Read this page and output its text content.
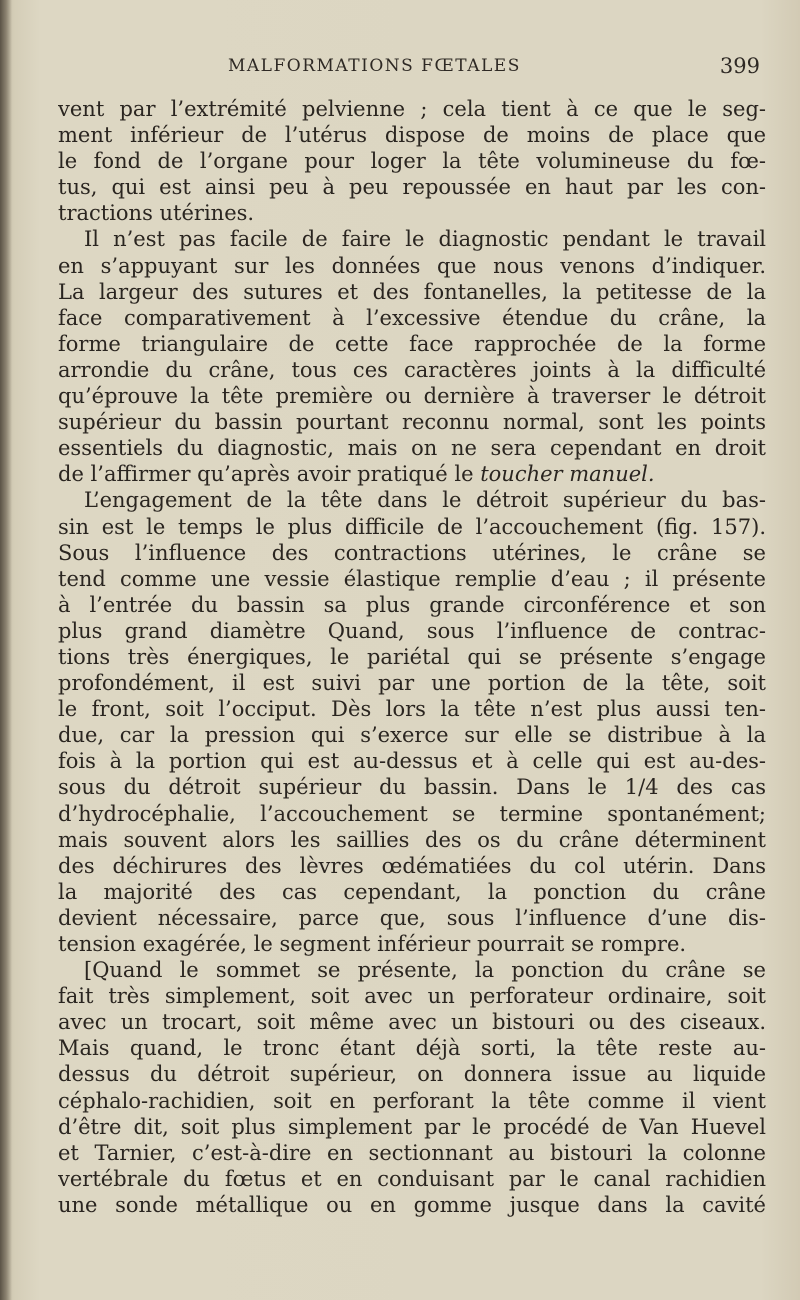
MALFORMATIONS FŒTALES	399
vent par l’extrémité pelvienne ; cela tient à ce que le seg-
ment inférieur de l’utérus dispose de moins de place que
le fond de l’organe pour loger la tête volumineuse du fœ-
tus, qui est ainsi peu à peu repoussée en haut par les con-
tractions utérines.
Il n’est pas facile de faire le diagnostic pendant le travail
en s’appuyant sur les données que nous venons d’indiquer.
La largeur des sutures et des fontanelles, la petitesse de la
face comparativement à l’excessive étendue du crâne, la
forme triangulaire de cette face rapprochée de la forme
arrondie du crâne, tous ces caractères joints à la difficulté
qu’éprouve la tête première ou dernière à traverser le détroit
supérieur du bassin pourtant reconnu normal, sont les points
essentiels du diagnostic, mais on ne sera cependant en droit
de l’affirmer qu’après avoir pratiqué le toucher manuel.
L’engagement de la tête dans le détroit supérieur du bas-
sin est le temps le plus difficile de l’accouchement (fig. 157).
Sous l’influence des contractions utérines, le crâne se
tend comme une vessie élastique remplie d’eau ; il présente
à l’entrée du bassin sa plus grande circonférence et son
plus grand diamètre Quand, sous l’influence de contrac-
tions très énergiques, le pariétal qui se présente s’engage
profondément, il est suivi par une portion de la tête, soit
le front, soit l’occiput. Dès lors la tête n’est plus aussi ten-
due, car la pression qui s’exerce sur elle se distribue à la
fois à la portion qui est au-dessus et à celle qui est au-des-
sous du détroit supérieur du bassin. Dans le 1/4 des cas
d’hydrocéphalie, l’accouchement se termine spontanément;
mais souvent alors les saillies des os du crâne déterminent
des déchirures des lèvres œdématiées du col utérin. Dans
la majorité des cas cependant, la ponction du crâne
devient nécessaire, parce que, sous l’influence d’une dis-
tension exagérée, le segment inférieur pourrait se rompre.
[Quand le sommet se présente, la ponction du crâne se
fait très simplement, soit avec un perforateur ordinaire, soit
avec un trocart, soit même avec un bistouri ou des ciseaux.
Mais quand, le tronc étant déjà sorti, la tête reste au-
dessus du détroit supérieur, on donnera issue au liquide
céphalo-rachidien, soit en perforant la tête comme il vient
d’être dit, soit plus simplement par le procédé de Van Huevel
et Tarnier, c’est-à-dire en sectionnant au bistouri la colonne
vertébrale du fœtus et en conduisant par le canal rachidien
une sonde métallique ou en gomme jusque dans la cavité
